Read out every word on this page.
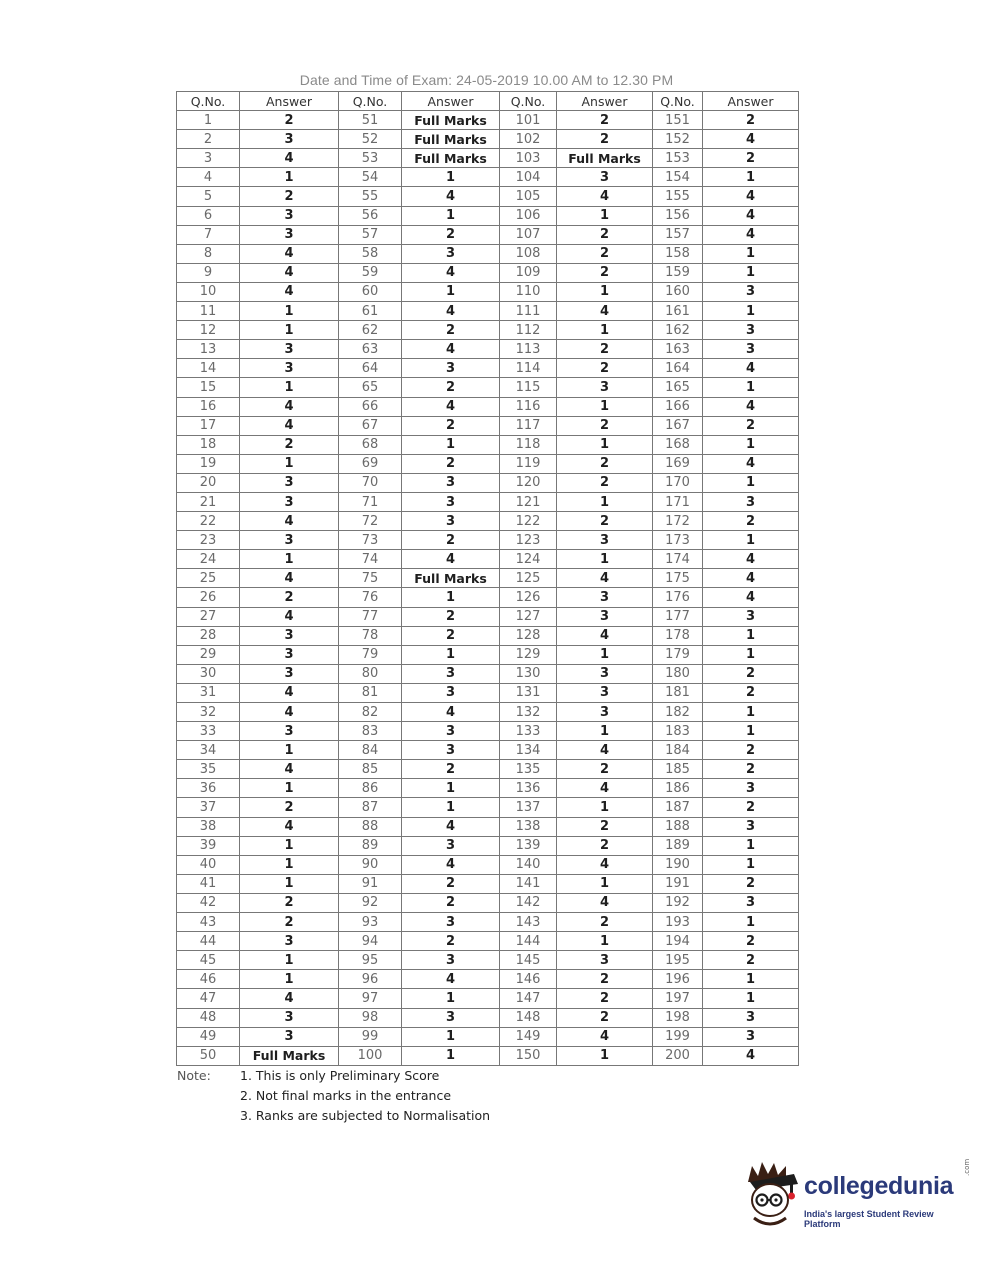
Date and Time of Exam: 24-05-2019 10.00 AM to 12.30 PM
Q.No.	Answer	Q.No.	Answer	Q.No.	Answer	Q.No.	Answer
1	2	51	Full Marks	101	2	151	2
2	3	52	Full Marks	102	2	152	4
3	4	53	Full Marks	103	Full Marks	153	2
4	1	54	1	104	3	154	1
5	2	55	4	105	4	155	4
6	3	56	1	106	1	156	4
7	3	57	2	107	2	157	4
8	4	58	3	108	2	158	1
9	4	59	4	109	2	159	1
10	4	60	1	110	1	160	3
11	1	61	4	111	4	161	1
12	1	62	2	112	1	162	3
13	3	63	4	113	2	163	3
14	3	64	3	114	2	164	4
15	1	65	2	115	3	165	1
16	4	66	4	116	1	166	4
17	4	67	2	117	2	167	2
18	2	68	1	118	1	168	1
19	1	69	2	119	2	169	4
20	3	70	3	120	2	170	1
21	3	71	3	121	1	171	3
22	4	72	3	122	2	172	2
23	3	73	2	123	3	173	1
24	1	74	4	124	1	174	4
25	4	75	Full Marks	125	4	175	4
26	2	76	1	126	3	176	4
27	4	77	2	127	3	177	3
28	3	78	2	128	4	178	1
29	3	79	1	129	1	179	1
30	3	80	3	130	3	180	2
31	4	81	3	131	3	181	2
32	4	82	4	132	3	182	1
33	3	83	3	133	1	183	1
34	1	84	3	134	4	184	2
35	4	85	2	135	2	185	2
36	1	86	1	136	4	186	3
37	2	87	1	137	1	187	2
38	4	88	4	138	2	188	3
39	1	89	3	139	2	189	1
40	1	90	4	140	4	190	1
41	1	91	2	141	1	191	2
42	2	92	2	142	4	192	3
43	2	93	3	143	2	193	1
44	3	94	2	144	1	194	2
45	1	95	3	145	3	195	2
46	1	96	4	146	2	196	1
47	4	97	1	147	2	197	1
48	3	98	3	148	2	198	3
49	3	99	1	149	4	199	3
50	Full Marks	100	1	150	1	200	4
Note: 1. This is only Preliminary Score
2. Not final marks in the entrance
3. Ranks are subjected to Normalisation
collegedunia
.com
India's largest Student Review Platform
